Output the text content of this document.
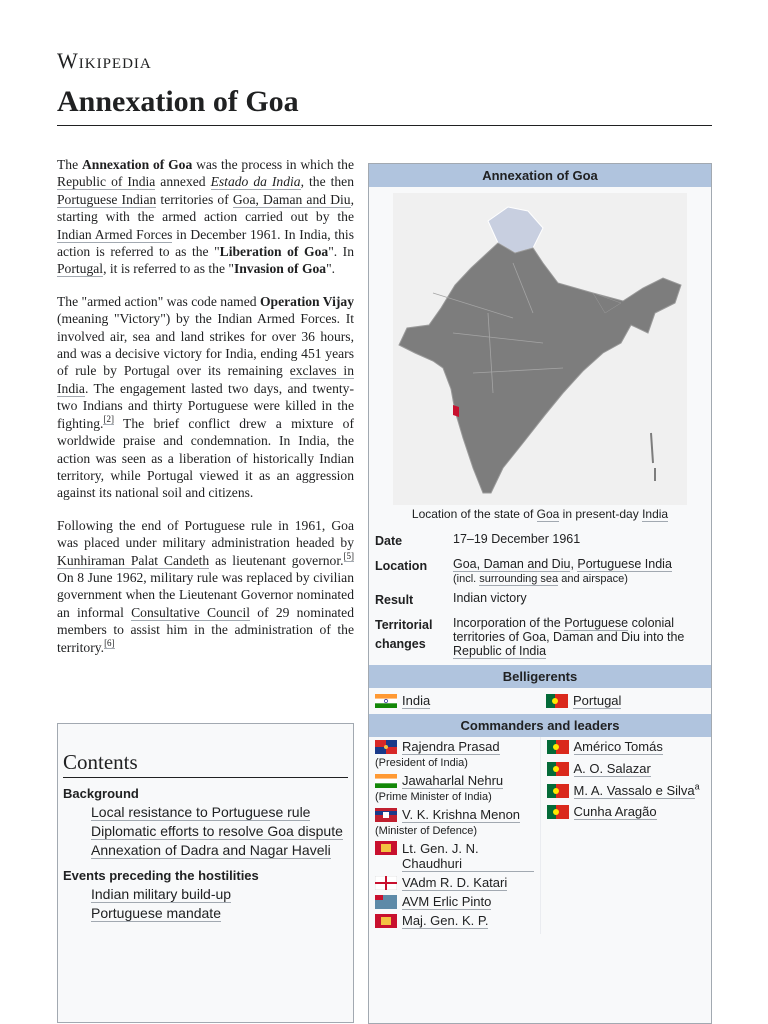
Wikipedia
Annexation of Goa

The Annexation of Goa was the process in which the Republic of India annexed Estado da India, the then Portuguese Indian territories of Goa, Daman and Diu, starting with the armed action carried out by the Indian Armed Forces in December 1961. In India, this action is referred to as the "Liberation of Goa". In Portugal, it is referred to as the "Invasion of Goa".

The "armed action" was code named Operation Vijay (meaning "Victory") by the Indian Armed Forces. It involved air, sea and land strikes for over 36 hours, and was a decisive victory for India, ending 451 years of rule by Portugal over its remaining exclaves in India. The engagement lasted two days, and twenty-two Indians and thirty Portuguese were killed in the fighting.[2] The brief conflict drew a mixture of worldwide praise and condemnation. In India, the action was seen as a liberation of historically Indian territory, while Portugal viewed it as an aggression against its national soil and citizens.

Following the end of Portuguese rule in 1961, Goa was placed under military administration headed by Kunhiraman Palat Candeth as lieutenant governor.[5] On 8 June 1962, military rule was replaced by civilian government when the Lieutenant Governor nominated an informal Consultative Council of 29 nominated members to assist him in the administration of the territory.[6]

Contents
Background
Local resistance to Portuguese rule
Diplomatic efforts to resolve Goa dispute
Annexation of Dadra and Nagar Haveli
Events preceding the hostilities
Indian military build-up
Portuguese mandate
Annexation of Goa
Location of the state of Goa in present-day India
Date	17–19 December 1961
Location	Goa, Daman and Diu, Portuguese India
(incl. surrounding sea and airspace)
Result	Indian victory
Territorial changes	Incorporation of the Portuguese colonial territories of Goa, Daman and Diu into the Republic of India
Belligerents
India	Portugal
Commanders and leaders
Rajendra Prasad
(President of India)
Jawaharlal Nehru
(Prime Minister of India)
V. K. Krishna Menon
(Minister of Defence)
Lt. Gen. J. N. Chaudhuri
VAdm R. D. Katari
AVM Erlic Pinto
Maj. Gen. K. P.
Américo Tomás
A. O. Salazar
M. A. Vassalo e Silva$^a$
Cunha Aragão
